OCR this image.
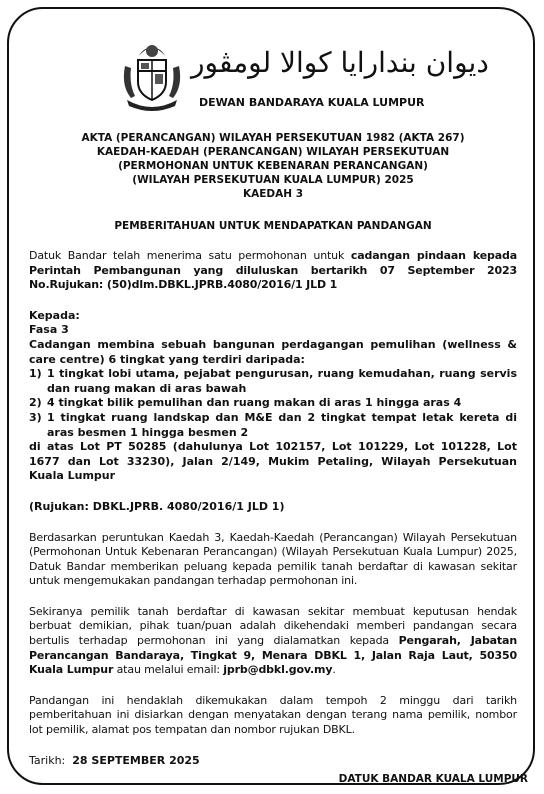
ديوان بندارايا كوالا لومڤور
DEWAN BANDARAYA KUALA LUMPUR
AKTA (PERANCANGAN) WILAYAH PERSEKUTUAN 1982 (AKTA 267)
KAEDAH-KAEDAH (PERANCANGAN) WILAYAH PERSEKUTUAN
(PERMOHONAN UNTUK KEBENARAN PERANCANGAN)
(WILAYAH PERSEKUTUAN KUALA LUMPUR) 2025
KAEDAH 3
PEMBERITAHUAN UNTUK MENDAPATKAN PANDANGAN

Datuk Bandar telah menerima satu permohonan untuk cadangan pindaan kepada Perintah Pembangunan yang diluluskan bertarikh 07 September 2023 No.Rujukan: (50)dlm.DBKL.JPRB.4080/2016/1 JLD 1

Kepada:
Fasa 3
Cadangan membina sebuah bangunan perdagangan pemulihan (wellness & care centre) 6 tingkat yang terdiri daripada:
1) 1 tingkat lobi utama, pejabat pengurusan, ruang kemudahan, ruang servis dan ruang makan di aras bawah
2) 4 tingkat bilik pemulihan dan ruang makan di aras 1 hingga aras 4
3) 1 tingkat ruang landskap dan M&E dan 2 tingkat tempat letak kereta di aras besmen 1 hingga besmen 2
di atas Lot PT 50285 (dahulunya Lot 102157, Lot 101229, Lot 101228, Lot 1677 dan Lot 33230), Jalan 2/149, Mukim Petaling, Wilayah Persekutuan Kuala Lumpur
(Rujukan: DBKL.JPRB. 4080/2016/1 JLD 1)

Berdasarkan peruntukan Kaedah 3, Kaedah-Kaedah (Perancangan) Wilayah Persekutuan (Permohonan Untuk Kebenaran Perancangan) (Wilayah Persekutuan Kuala Lumpur) 2025, Datuk Bandar memberikan peluang kepada pemilik tanah berdaftar di kawasan sekitar untuk mengemukakan pandangan terhadap permohonan ini.

Sekiranya pemilik tanah berdaftar di kawasan sekitar membuat keputusan hendak berbuat demikian, pihak tuan/puan adalah dikehendaki memberi pandangan secara bertulis terhadap permohonan ini yang dialamatkan kepada Pengarah, Jabatan Perancangan Bandaraya, Tingkat 9, Menara DBKL 1, Jalan Raja Laut, 50350 Kuala Lumpur atau melalui email: jprb@dbkl.gov.my.

Pandangan ini hendaklah dikemukakan dalam tempoh 2 minggu dari tarikh pemberitahuan ini disiarkan dengan menyatakan dengan terang nama pemilik, nombor lot pemilik, alamat pos tempatan dan nombor rujukan DBKL.

Tarikh:  28 SEPTEMBER 2025
DATUK BANDAR KUALA LUMPUR
